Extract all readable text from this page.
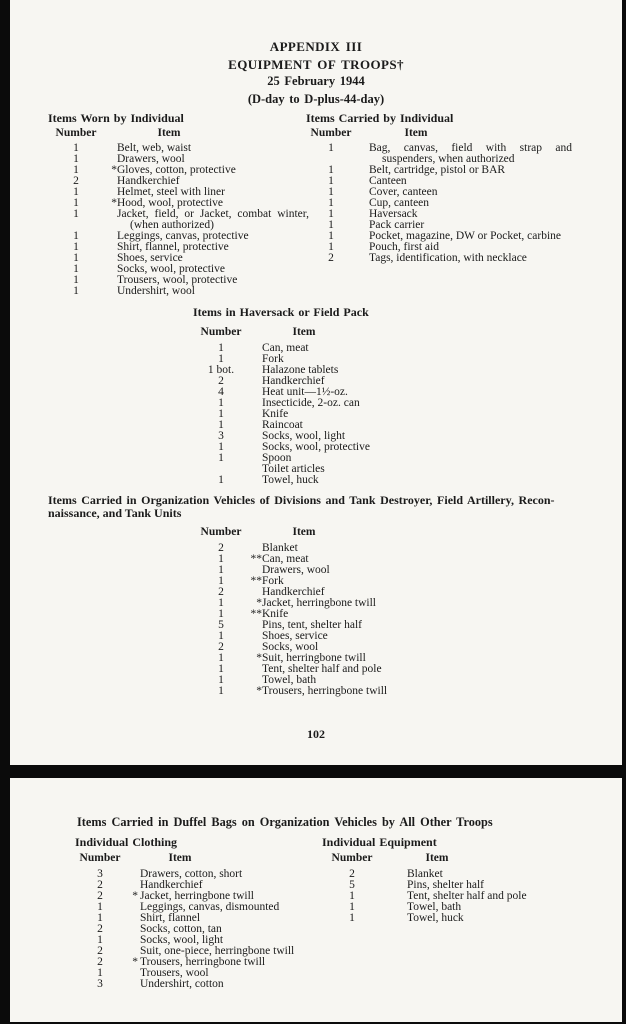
APPENDIX III
EQUIPMENT OF TROOPS†
25 February 1944
(D-day to D-plus-44-day)
Items Worn by Individual
Number	Item
1	Belt, web, waist
1	Drawers, wool
1	* Gloves, cotton, protective
2	Handkerchief
1	Helmet, steel with liner
1	* Hood, wool, protective
1	Jacket, field, or Jacket, combat winter, (when authorized)
1	Leggings, canvas, protective
1	Shirt, flannel, protective
1	Shoes, service
1	Socks, wool, protective
1	Trousers, wool, protective
1	Undershirt, wool
Items Carried by Individual
Number	Item
1	Bag, canvas, field with strap and suspenders, when authorized
1	Belt, cartridge, pistol or BAR
1	Canteen
1	Cover, canteen
1	Cup, canteen
1	Haversack
1	Pack carrier
1	Pocket, magazine, DW or Pocket, carbine
1	Pouch, first aid
2	Tags, identification, with necklace
Items in Haversack or Field Pack
Number	Item
1	Can, meat
1	Fork
1 bot.	Halazone tablets
2	Handkerchief
4	Heat unit—1½-oz.
1	Insecticide, 2-oz. can
1	Knife
1	Raincoat
3	Socks, wool, light
1	Socks, wool, protective
1	Spoon
Toilet articles
1	Towel, huck
Items Carried in Organization Vehicles of Divisions and Tank Destroyer, Field Artillery, Recon-
naissance, and Tank Units
Number	Item
2	Blanket
1	** Can, meat
1	Drawers, wool
1	** Fork
2	Handkerchief
1	* Jacket, herringbone twill
1	** Knife
5	Pins, tent, shelter half
1	Shoes, service
2	Socks, wool
1	* Suit, herringbone twill
1	Tent, shelter half and pole
1	Towel, bath
1	* Trousers, herringbone twill
102
Items Carried in Duffel Bags on Organization Vehicles by All Other Troops
Individual Clothing
Number	Item
3	Drawers, cotton, short
2	Handkerchief
2	* Jacket, herringbone twill
1	Leggings, canvas, dismounted
1	Shirt, flannel
2	Socks, cotton, tan
1	Socks, wool, light
2	Suit, one-piece, herringbone twill
2	* Trousers, herringbone twill
1	Trousers, wool
3	Undershirt, cotton
Individual Equipment
Number	Item
2	Blanket
5	Pins, shelter half
1	Tent, shelter half and pole
1	Towel, bath
1	Towel, huck
